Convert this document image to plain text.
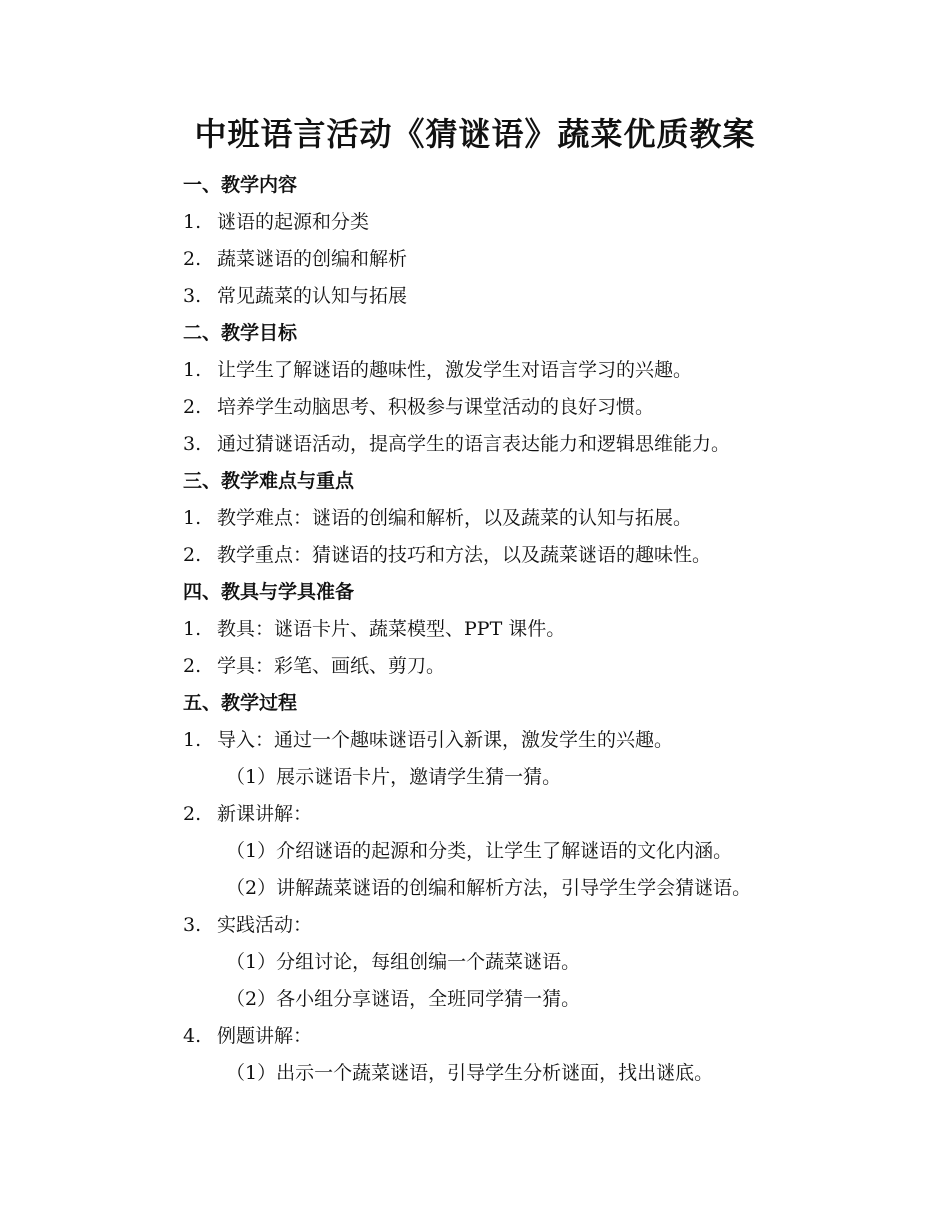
中班语言活动《猜谜语》蔬菜优质教案
一、教学内容
1. 谜语的起源和分类
2. 蔬菜谜语的创编和解析
3. 常见蔬菜的认知与拓展
二、教学目标
1. 让学生了解谜语的趣味性，激发学生对语言学习的兴趣。
2. 培养学生动脑思考、积极参与课堂活动的良好习惯。
3. 通过猜谜语活动，提高学生的语言表达能力和逻辑思维能力。
三、教学难点与重点
1. 教学难点：谜语的创编和解析，以及蔬菜的认知与拓展。
2. 教学重点：猜谜语的技巧和方法，以及蔬菜谜语的趣味性。
四、教具与学具准备
1. 教具：谜语卡片、蔬菜模型、PPT 课件。
2. 学具：彩笔、画纸、剪刀。
五、教学过程
1. 导入：通过一个趣味谜语引入新课，激发学生的兴趣。
（1）展示谜语卡片，邀请学生猜一猜。
2. 新课讲解：
（1）介绍谜语的起源和分类，让学生了解谜语的文化内涵。
（2）讲解蔬菜谜语的创编和解析方法，引导学生学会猜谜语。
3. 实践活动：
（1）分组讨论，每组创编一个蔬菜谜语。
（2）各小组分享谜语，全班同学猜一猜。
4. 例题讲解：
（1）出示一个蔬菜谜语，引导学生分析谜面，找出谜底。
